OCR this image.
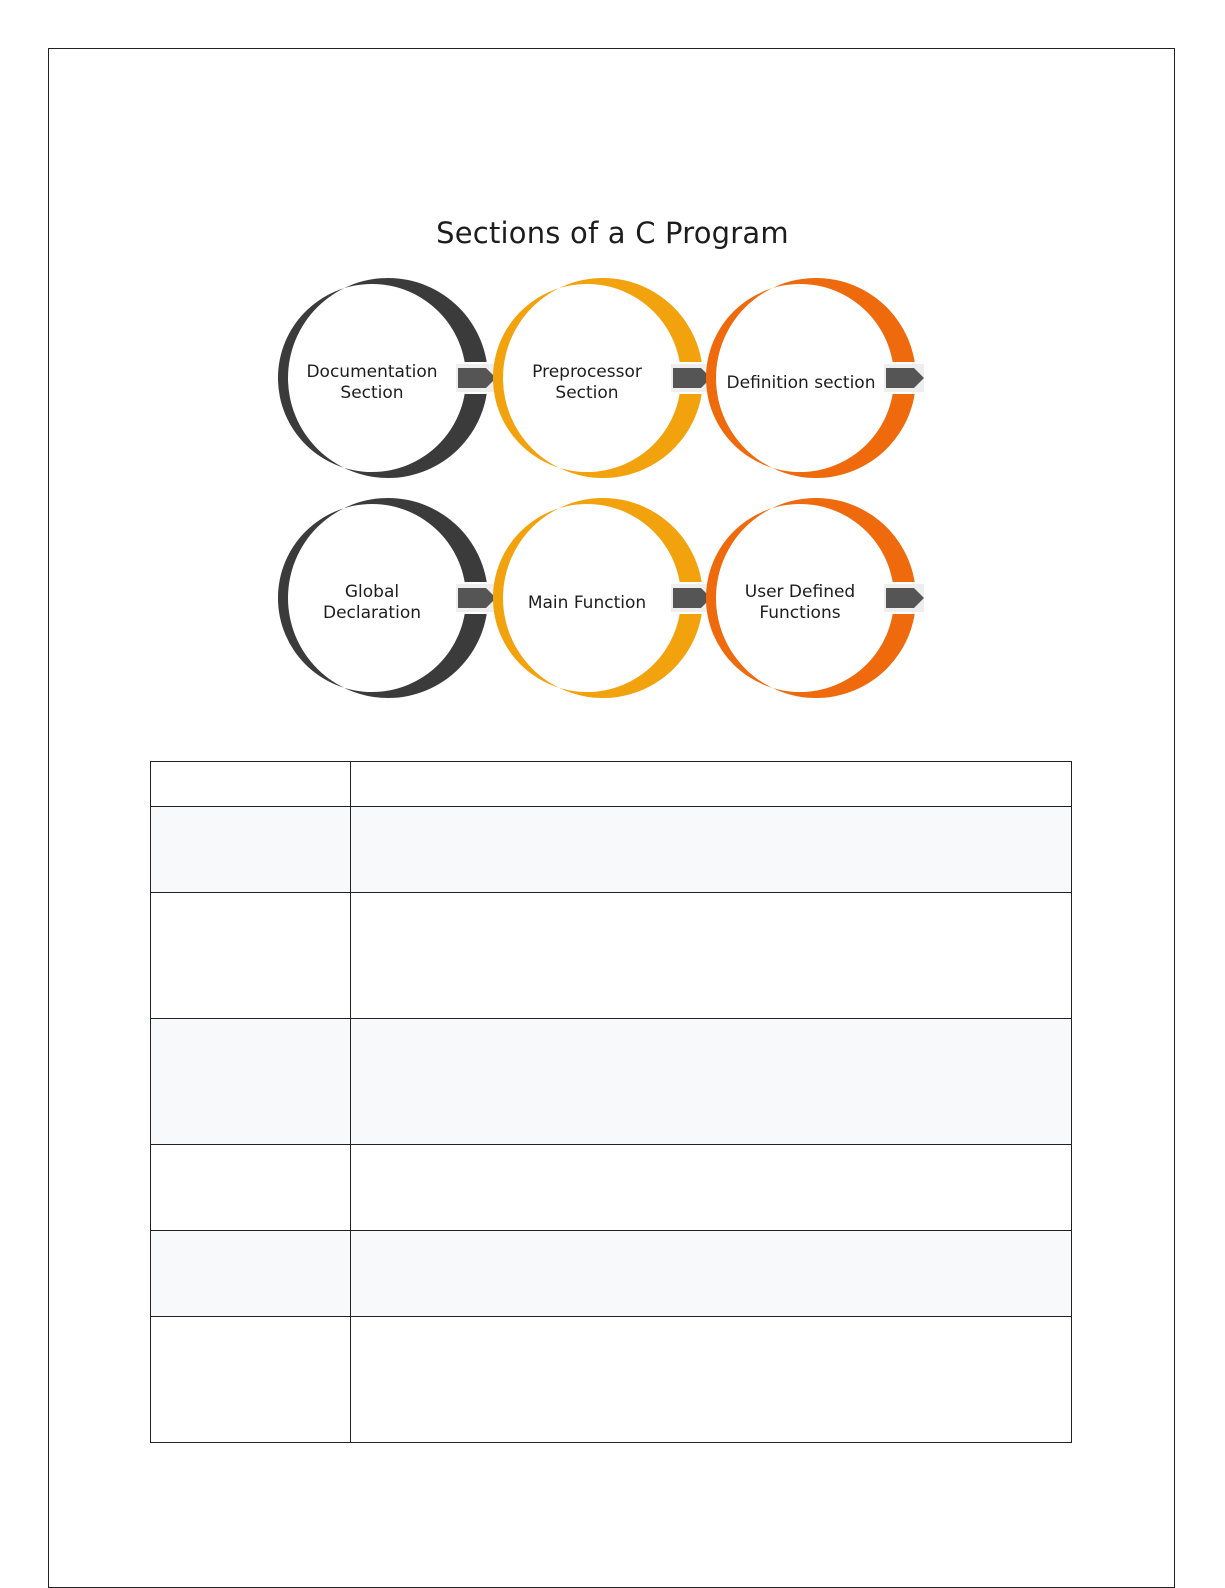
Sections of a C Program
Documentation
Section
Preprocessor
Section
Definition section
Global
Declaration
Main Function
User Defined
Functions
